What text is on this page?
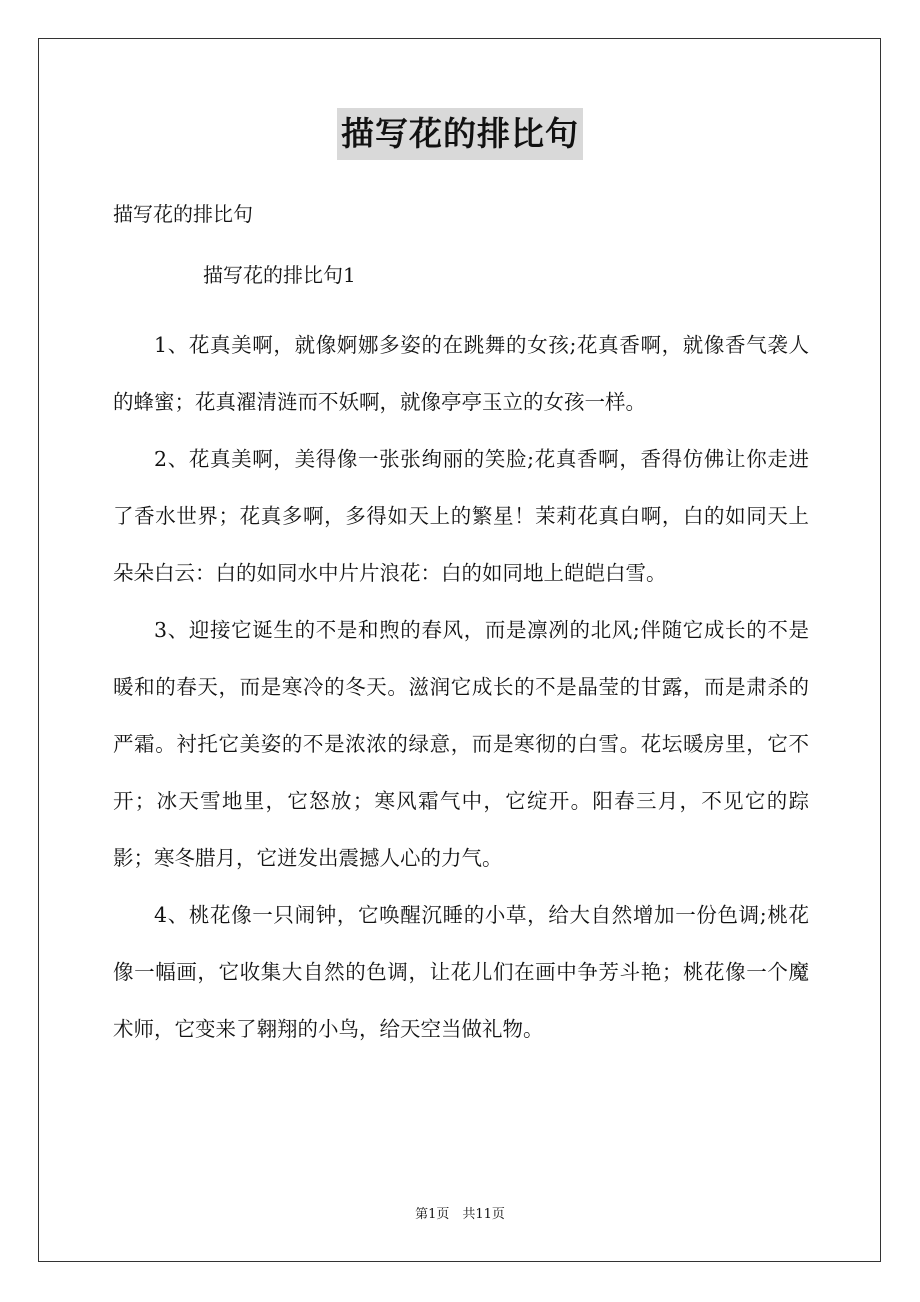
描写花的排比句
描写花的排比句
描写花的排比句1

1、花真美啊，就像婀娜多姿的在跳舞的女孩;花真香啊，就像香气袭人的蜂蜜；花真濯清涟而不妖啊，就像亭亭玉立的女孩一样。

2、花真美啊，美得像一张张绚丽的笑脸;花真香啊，香得仿佛让你走进了香水世界；花真多啊，多得如天上的繁星！茉莉花真白啊，白的如同天上朵朵白云：白的如同水中片片浪花：白的如同地上皑皑白雪。

3、迎接它诞生的不是和煦的春风，而是凛冽的北风;伴随它成长的不是暖和的春天，而是寒冷的冬天。滋润它成长的不是晶莹的甘露，而是肃杀的严霜。衬托它美姿的不是浓浓的绿意，而是寒彻的白雪。花坛暖房里，它不开；冰天雪地里，它怒放；寒风霜气中，它绽开。阳春三月，不见它的踪影；寒冬腊月，它迸发出震撼人心的力气。

4、桃花像一只闹钟，它唤醒沉睡的小草，给大自然增加一份色调;桃花像一幅画，它收集大自然的色调，让花儿们在画中争芳斗艳；桃花像一个魔术师，它变来了翱翔的小鸟，给天空当做礼物。

第1页　共11页
